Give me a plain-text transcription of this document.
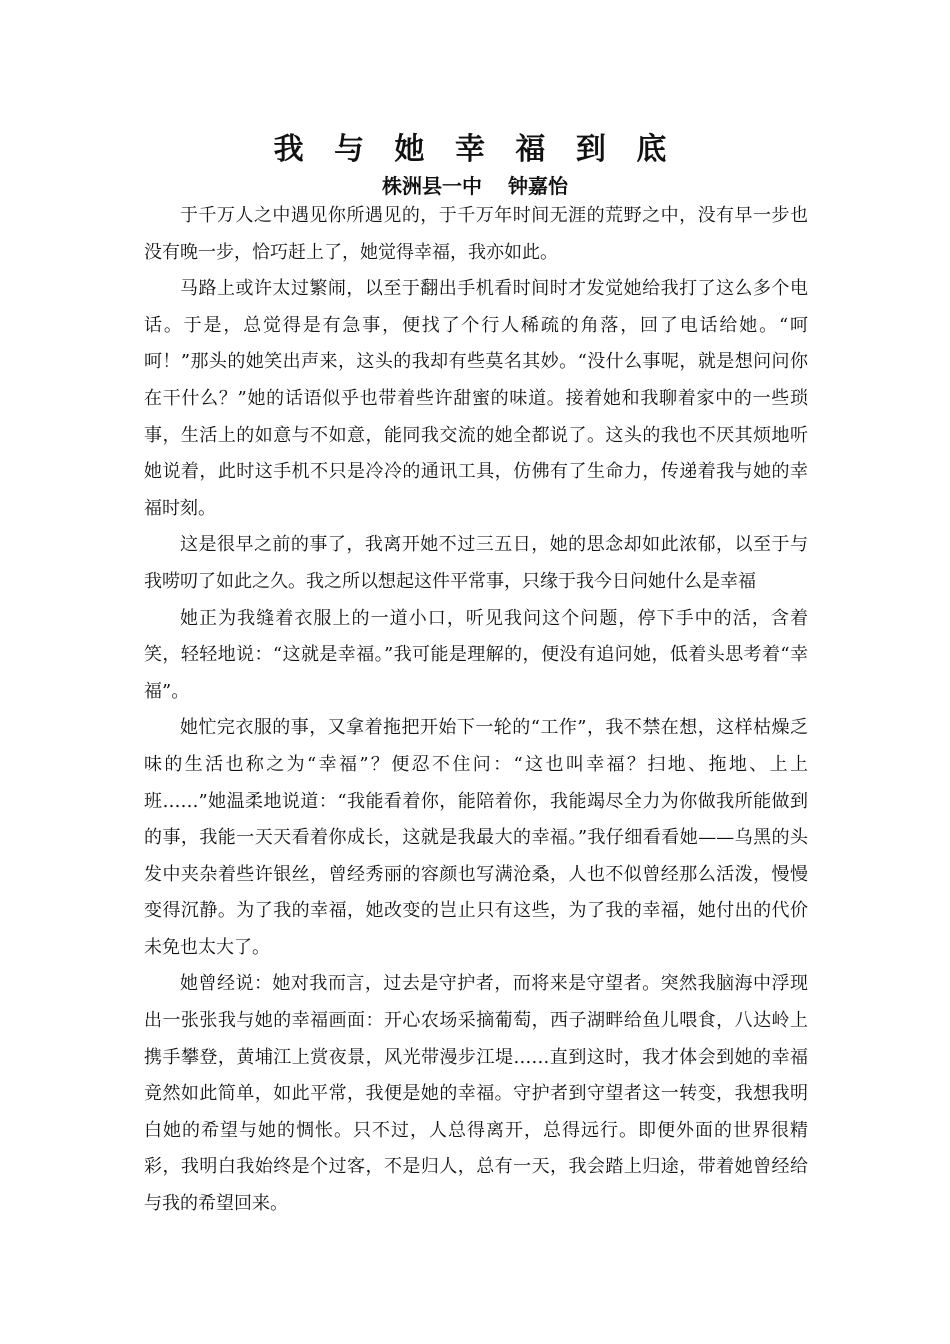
我 与 她 幸 福 到 底
株洲县一中 钟嘉怡

于千万人之中遇见你所遇见的，于千万年时间无涯的荒野之中，没有早一步也没有晚一步，恰巧赶上了，她觉得幸福，我亦如此。

马路上或许太过繁闹，以至于翻出手机看时间时才发觉她给我打了这么多个电话。于是，总觉得是有急事，便找了个行人稀疏的角落，回了电话给她。“呵呵！”那头的她笑出声来，这头的我却有些莫名其妙。“没什么事呢，就是想问问你在干什么？”她的话语似乎也带着些许甜蜜的味道。接着她和我聊着家中的一些琐事，生活上的如意与不如意，能同我交流的她全都说了。这头的我也不厌其烦地听她说着，此时这手机不只是冷冷的通讯工具，仿佛有了生命力，传递着我与她的幸福时刻。

这是很早之前的事了，我离开她不过三五日，她的思念却如此浓郁，以至于与我唠叨了如此之久。我之所以想起这件平常事，只缘于我今日问她什么是幸福

她正为我缝着衣服上的一道小口，听见我问这个问题，停下手中的活，含着笑，轻轻地说：“这就是幸福。”我可能是理解的，便没有追问她，低着头思考着“幸福”。

她忙完衣服的事，又拿着拖把开始下一轮的“工作”，我不禁在想，这样枯燥乏味的生活也称之为“幸福”？便忍不住问：“这也叫幸福？扫地、拖地、上上班……”她温柔地说道：“我能看着你，能陪着你，我能竭尽全力为你做我所能做到的事，我能一天天看着你成长，这就是我最大的幸福。”我仔细看看她——乌黑的头发中夹杂着些许银丝，曾经秀丽的容颜也写满沧桑，人也不似曾经那么活泼，慢慢变得沉静。为了我的幸福，她改变的岂止只有这些，为了我的幸福，她付出的代价未免也太大了。

她曾经说：她对我而言，过去是守护者，而将来是守望者。突然我脑海中浮现出一张张我与她的幸福画面：开心农场采摘葡萄，西子湖畔给鱼儿喂食，八达岭上携手攀登，黄埔江上赏夜景，风光带漫步江堤……直到这时，我才体会到她的幸福竟然如此简单，如此平常，我便是她的幸福。守护者到守望者这一转变，我想我明白她的希望与她的惆怅。只不过，人总得离开，总得远行。即便外面的世界很精彩，我明白我始终是个过客，不是归人，总有一天，我会踏上归途，带着她曾经给与我的希望回来。
